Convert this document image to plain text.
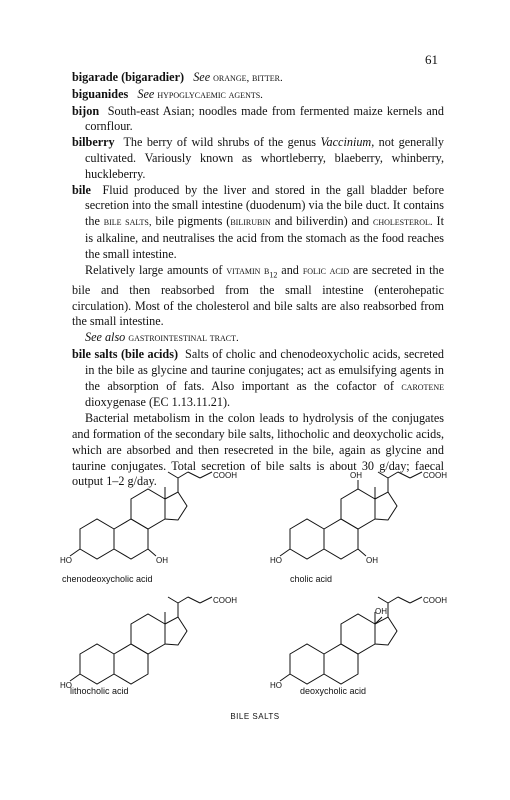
61

bigarade (bigaradier) See orange, bitter.

biguanides See hypoglycaemic agents.

bijon South-east Asian; noodles made from fermented maize kernels and cornflour.

bilberry The berry of wild shrubs of the genus Vaccinium, not generally cultivated. Variously known as whortleberry, blaeberry, whinberry, huckleberry.

bile Fluid produced by the liver and stored in the gall bladder before secretion into the small intestine (duodenum) via the bile duct. It contains the bile salts, bile pigments (bilirubin and biliverdin) and cholesterol. It is alkaline, and neutralises the acid from the stomach as the food reaches the small intestine.

Relatively large amounts of vitamin $b_{12}$ and folic acid are secreted in the bile and then reabsorbed from the small intestine (enterohepatic circulation). Most of the cholesterol and bile salts are also reabsorbed from the small intestine.

See also gastrointestinal tract.

bile salts (bile acids) Salts of cholic and chenodeoxycholic acids, secreted in the bile as glycine and taurine conjugates; act as emulsifying agents in the absorption of fats. Also important as the cofactor of carotene dioxygenase (EC 1.13.11.21).

Bacterial metabolism in the colon leads to hydrolysis of the conjugates and formation of the secondary bile salts, lithocholic and deoxycholic acids, which are absorbed and then resecreted in the bile, again as glycine and taurine conjugates. Total secretion of bile salts is about 30 g/day; faecal output 1–2 g/day.	COOH
HO	OH
COOH
OH
HO	OH
COOH
HO
COOH
OH
HO
chenodeoxycholic acid	cholic acid
lithocholic acid	deoxycholic acid
BILE SALTS
